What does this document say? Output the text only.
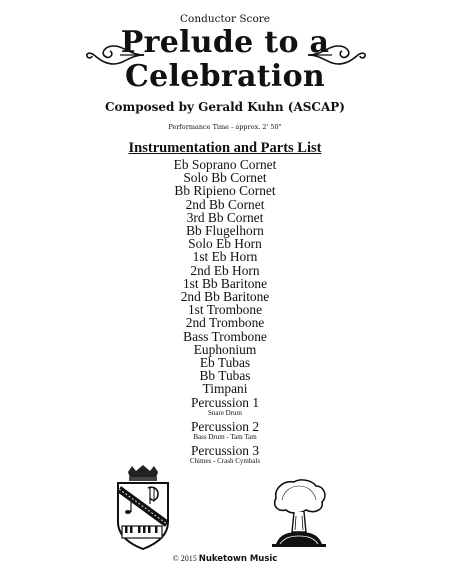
Conductor Score
Prelude to a
Celebration
Composed by Gerald Kuhn (ASCAP)
Performance Time - approx. 2' 50"
Instrumentation and Parts List
Eb Soprano Cornet
Solo Bb Cornet
Bb Ripieno Cornet
2nd Bb Cornet
3rd Bb Cornet
Bb Flugelhorn
Solo Eb Horn
1st Eb Horn
2nd Eb Horn
1st Bb Baritone
2nd Bb Baritone
1st Trombone
2nd Trombone
Bass Trombone
Euphonium
Eb Tubas
Bb Tubas
Timpani
Percussion 1
Snare Drum
Percussion 2
Bass Drum - Tam Tam
Percussion 3
Chimes - Crash Cymbals
© 2015 Nuketown Music
